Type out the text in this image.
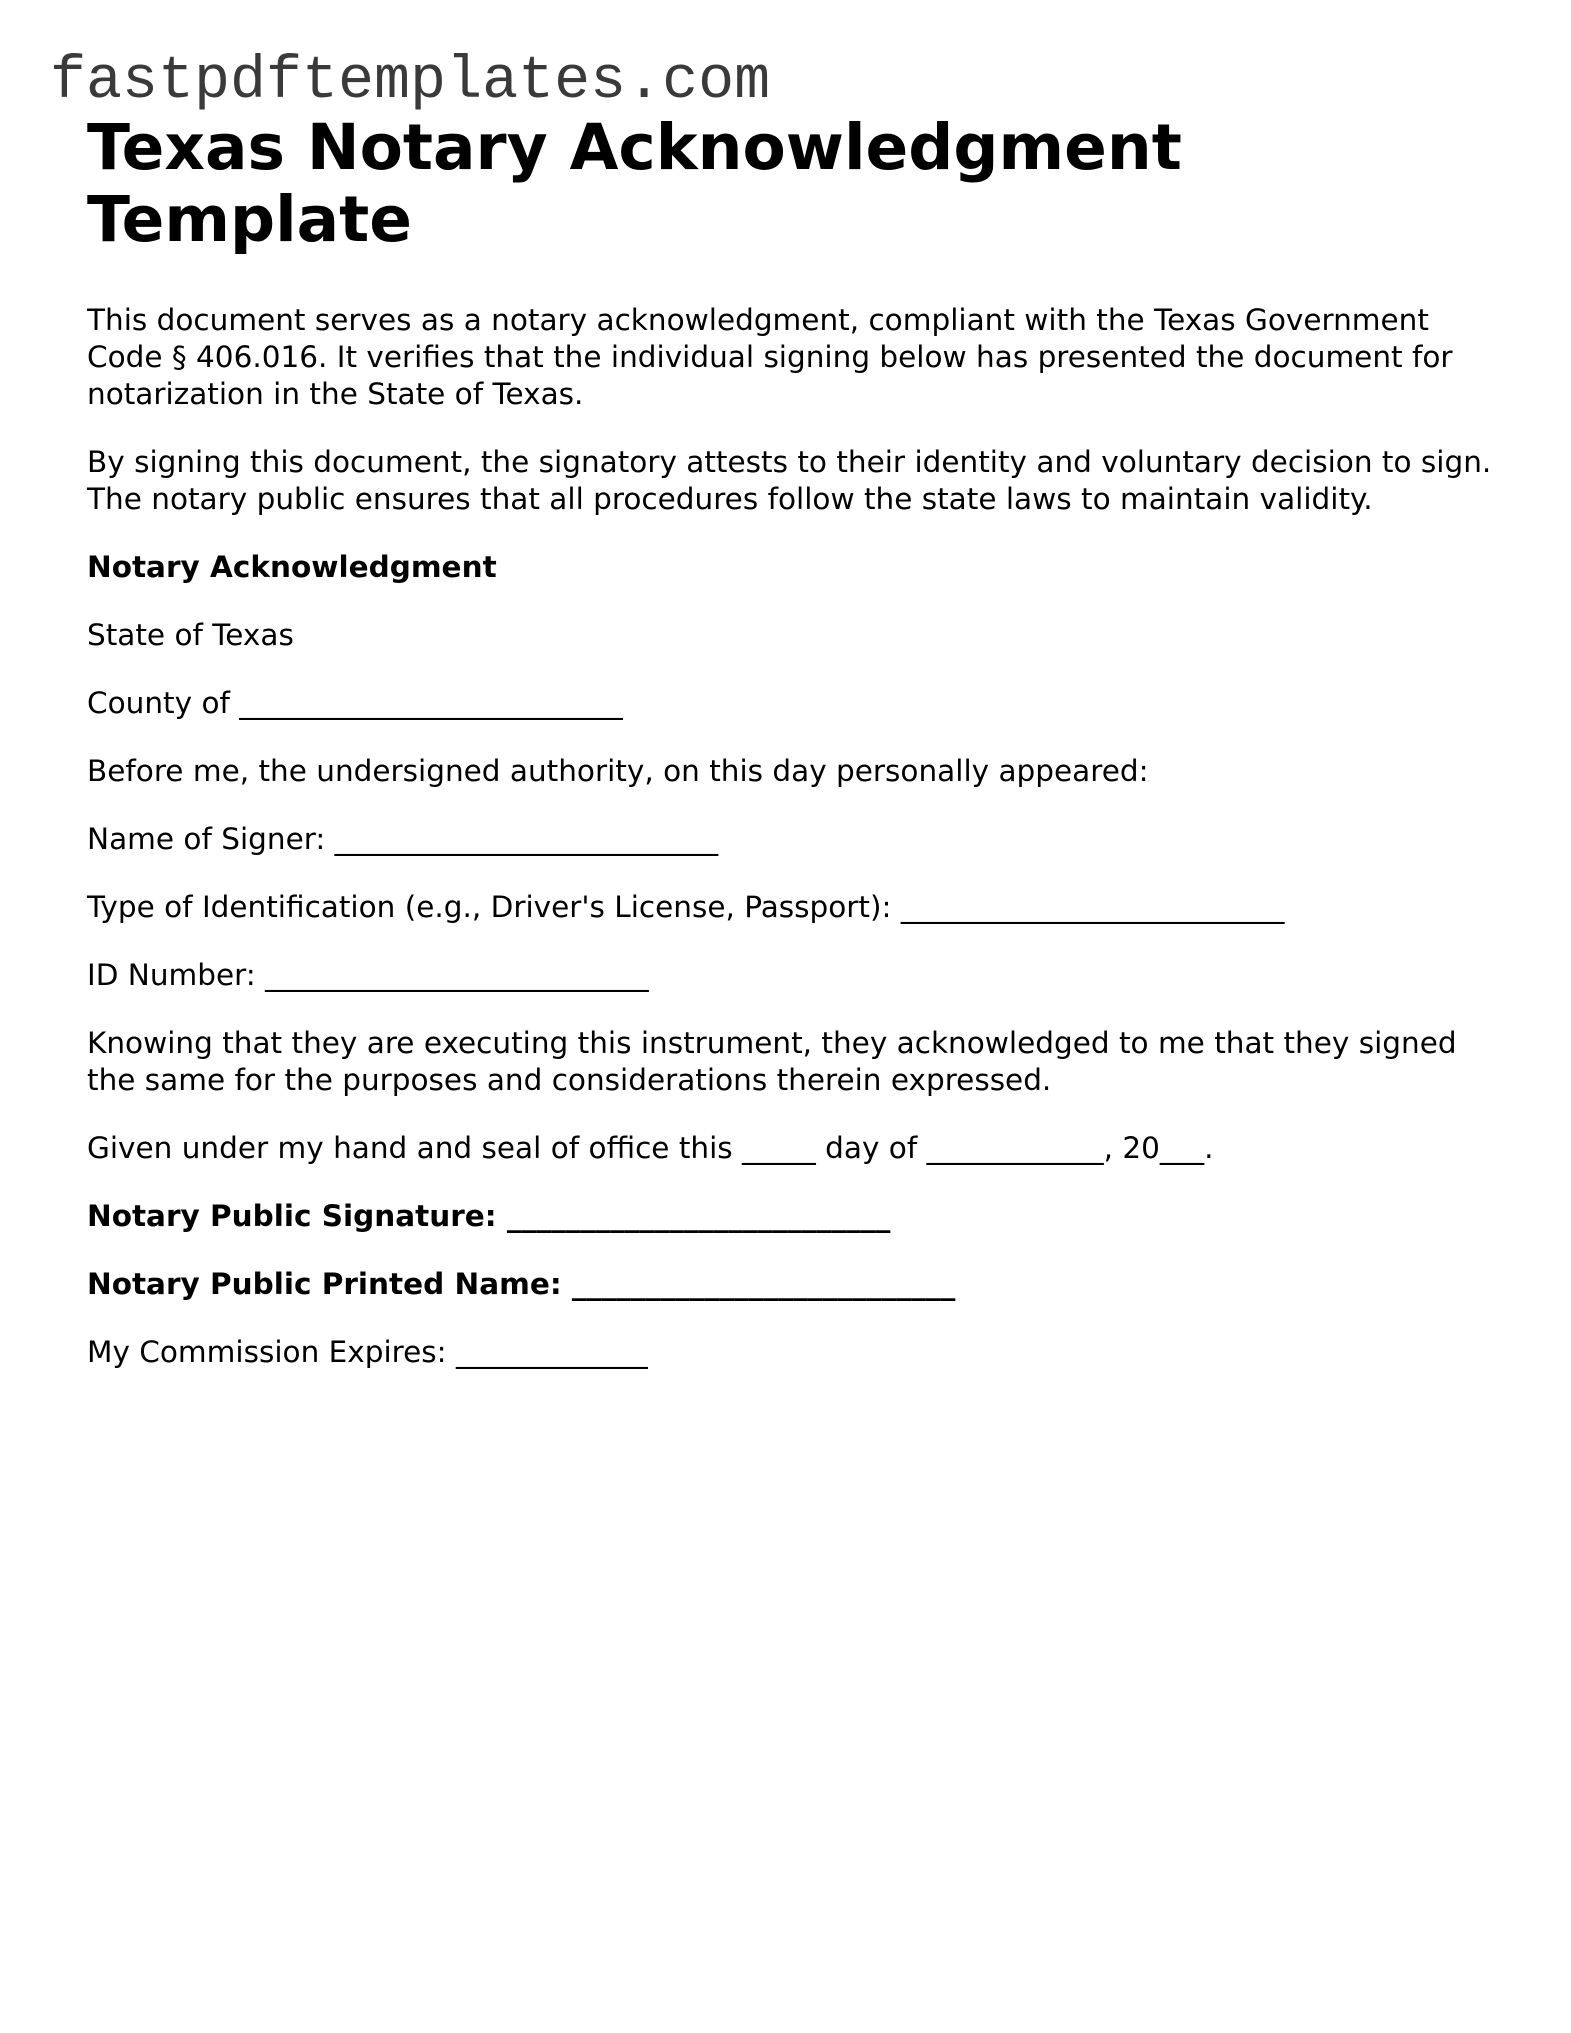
fastpdftemplates.com
Texas Notary Acknowledgment Template

This document serves as a notary acknowledgment, compliant with the Texas Government Code § 406.016. It verifies that the individual signing below has presented the document for notarization in the State of Texas.

By signing this document, the signatory attests to their identity and voluntary decision to sign. The notary public ensures that all procedures follow the state laws to maintain validity.

Notary Acknowledgment

State of Texas

County of __________________________

Before me, the undersigned authority, on this day personally appeared:

Name of Signer: __________________________

Type of Identification (e.g., Driver's License, Passport): __________________________

ID Number: __________________________

Knowing that they are executing this instrument, they acknowledged to me that they signed the same for the purposes and considerations therein expressed.

Given under my hand and seal of office this _____ day of ____________, 20___.

Notary Public Signature: __________________________

Notary Public Printed Name: __________________________

My Commission Expires: _____________
